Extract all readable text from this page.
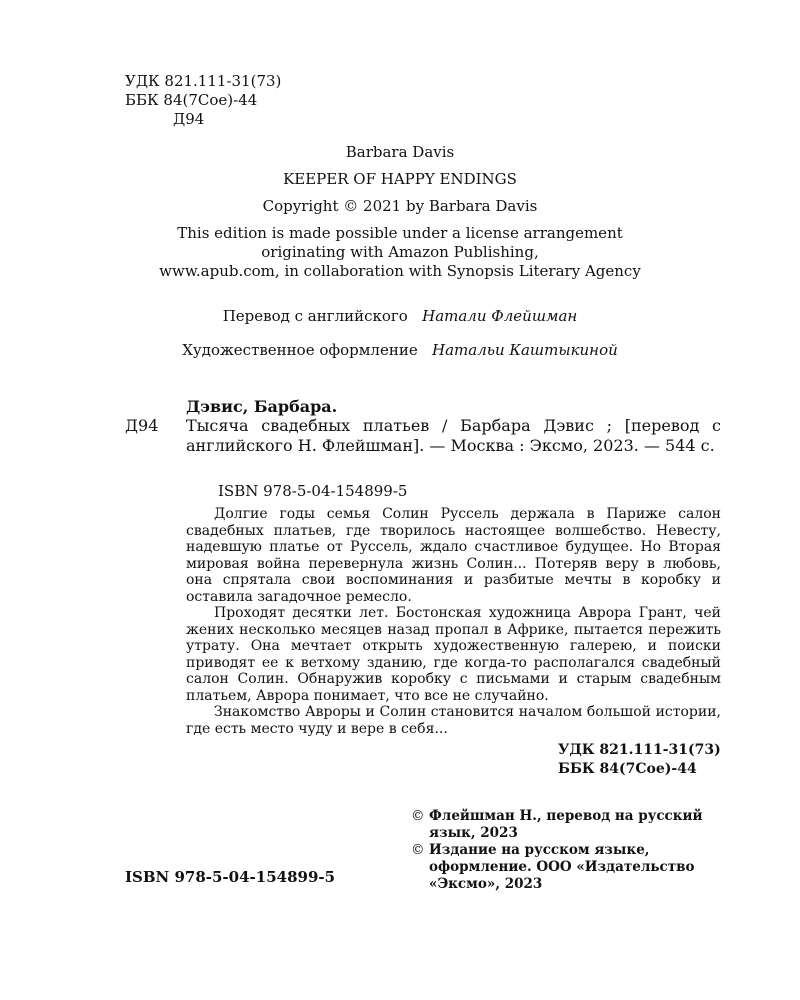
УДК 821.111-31(73)
ББК 84(7Сое)-44
Д94
Barbara Davis
KEEPER OF HAPPY ENDINGS
Copyright © 2021 by Barbara Davis
This edition is made possible under a license arrangement
originating with Amazon Publishing,
www.apub.com, in collaboration with Synopsis Literary Agency
Перевод с английского Натали Флейшман
Художественное оформление Натальи Каштыкиной
Дэвис, Барбара.
Д94 Тысяча свадебных платьев / Барбара Дэвис ; [перевод с английского Н. Флейшман]. — Москва : Эксмо, 2023. — 544 с.
ISBN 978-5-04-154899-5

Долгие годы семья Солин Руссель держала в Париже салон свадебных платьев, где творилось настоящее волшебство. Невесту, надевшую платье от Руссель, ждало счастливое будущее. Но Вторая мировая война перевернула жизнь Солин... Потеряв веру в любовь, она спрятала свои воспоминания и разбитые мечты в коробку и оставила загадочное ремесло.

Проходят десятки лет. Бостонская художница Аврора Грант, чей жених несколько месяцев назад пропал в Африке, пытается пережить утрату. Она мечтает открыть художественную галерею, и поиски приводят ее к ветхому зданию, где когда-то располагался свадебный салон Солин. Обнаружив коробку с письмами и старым свадебным платьем, Аврора понимает, что все не случайно.

Знакомство Авроры и Солин становится началом большой истории, где есть место чуду и вере в себя...

УДК 821.111-31(73)
ББК 84(7Сое)-44
© Флейшман Н., перевод на русский язык, 2023
© Издание на русском языке, оформление. ООО «Издательство «Эксмо», 2023
ISBN 978-5-04-154899-5
